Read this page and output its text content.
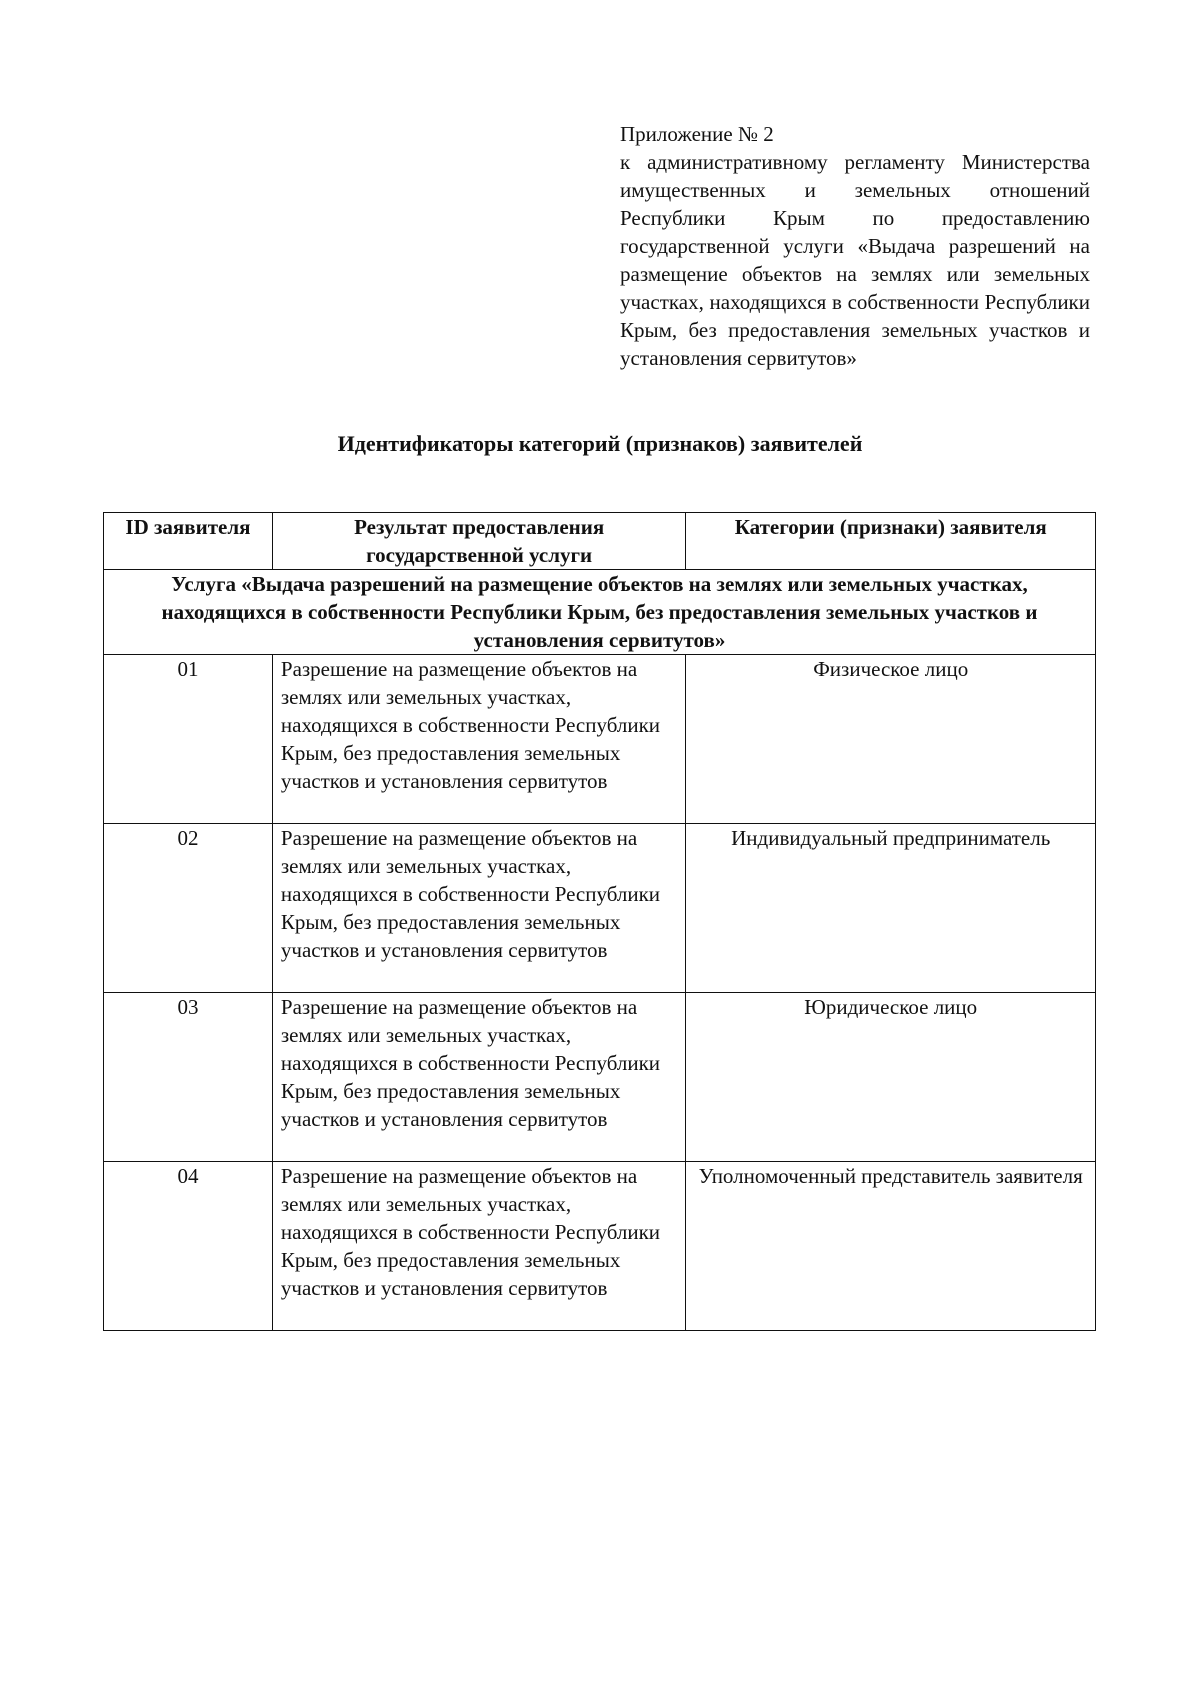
Приложение № 2
к административному регламенту Министерства имущественных и земельных отношений Республики Крым по предоставлению государственной услуги «Выдача разрешений на размещение объектов на землях или земельных участках, находящихся в собственности Республики Крым, без предоставления земельных участков и установления сервитутов»
Идентификаторы категорий (признаков) заявителей
ID заявителя	Результат предоставления государственной услуги	Категории (признаки) заявителя
Услуга «Выдача разрешений на размещение объектов на землях или земельных участках, находящихся в собственности Республики Крым, без предоставления земельных участков и установления сервитутов»		
01	Разрешение на размещение объектов на землях или земельных участках, находящихся в собственности Республики Крым, без предоставления земельных участков и установления сервитутов	Физическое лицо
02	Разрешение на размещение объектов на землях или земельных участках, находящихся в собственности Республики Крым, без предоставления земельных участков и установления сервитутов	Индивидуальный предприниматель
03	Разрешение на размещение объектов на землях или земельных участках, находящихся в собственности Республики Крым, без предоставления земельных участков и установления сервитутов	Юридическое лицо
04	Разрешение на размещение объектов на землях или земельных участках, находящихся в собственности Республики Крым, без предоставления земельных участков и установления сервитутов	Уполномоченный представитель заявителя
